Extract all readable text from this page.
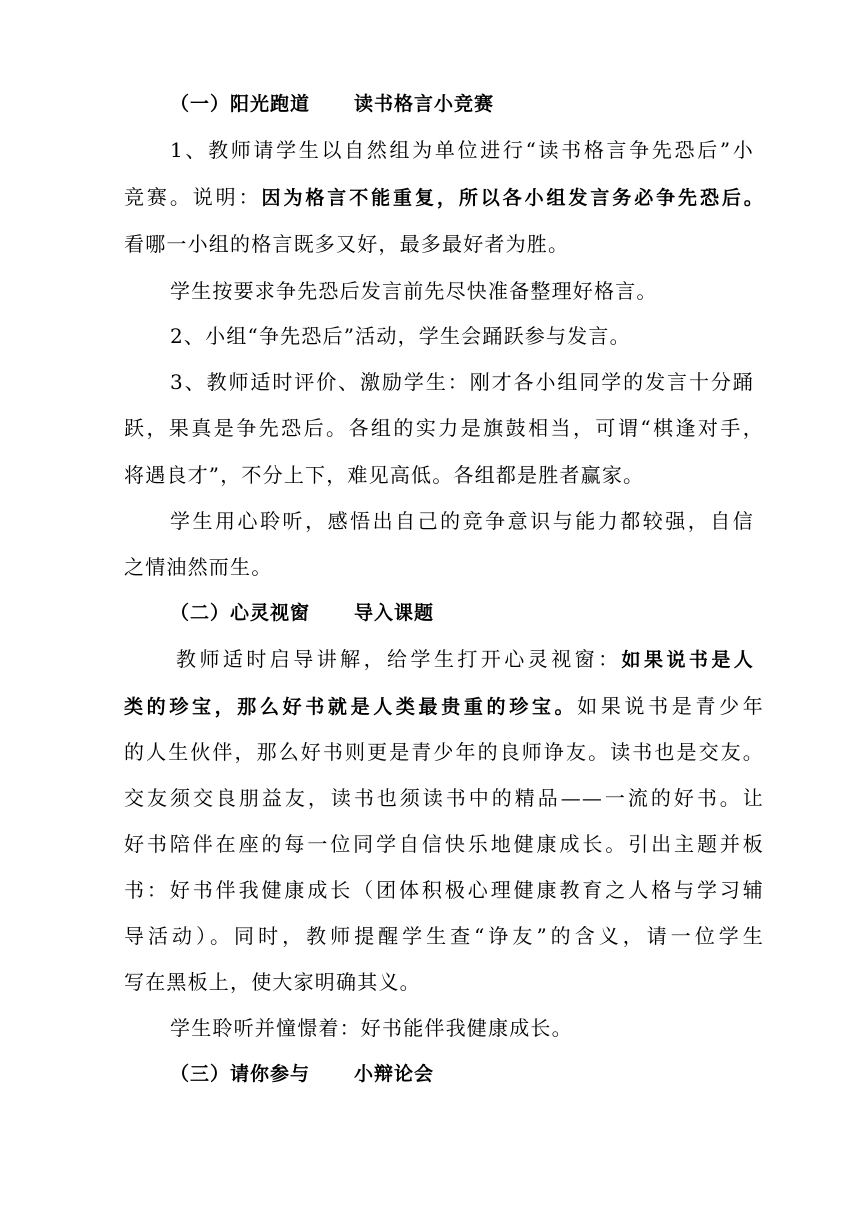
（一）阳光跑道 读书格言小竞赛
1、教师请学生以自然组为单位进行“读书格言争先恐后”小
竞赛。说明：因为格言不能重复，所以各小组发言务必争先恐后。
看哪一小组的格言既多又好，最多最好者为胜。
学生按要求争先恐后发言前先尽快准备整理好格言。
2、小组“争先恐后”活动，学生会踊跃参与发言。
3、教师适时评价、激励学生：刚才各小组同学的发言十分踊
跃，果真是争先恐后。各组的实力是旗鼓相当，可谓“棋逢对手，
将遇良才”，不分上下，难见高低。各组都是胜者赢家。
学生用心聆听，感悟出自己的竞争意识与能力都较强，自信
之情油然而生。
（二）心灵视窗 导入课题
教师适时启导讲解，给学生打开心灵视窗：如果说书是人
类的珍宝，那么好书就是人类最贵重的珍宝。如果说书是青少年
的人生伙伴，那么好书则更是青少年的良师诤友。读书也是交友。
交友须交良朋益友，读书也须读书中的精品——一流的好书。让
好书陪伴在座的每一位同学自信快乐地健康成长。引出主题并板
书：好书伴我健康成长（团体积极心理健康教育之人格与学习辅
导活动）。同时，教师提醒学生查“诤友”的含义，请一位学生
写在黑板上，使大家明确其义。
学生聆听并憧憬着：好书能伴我健康成长。
（三）请你参与 小辩论会
